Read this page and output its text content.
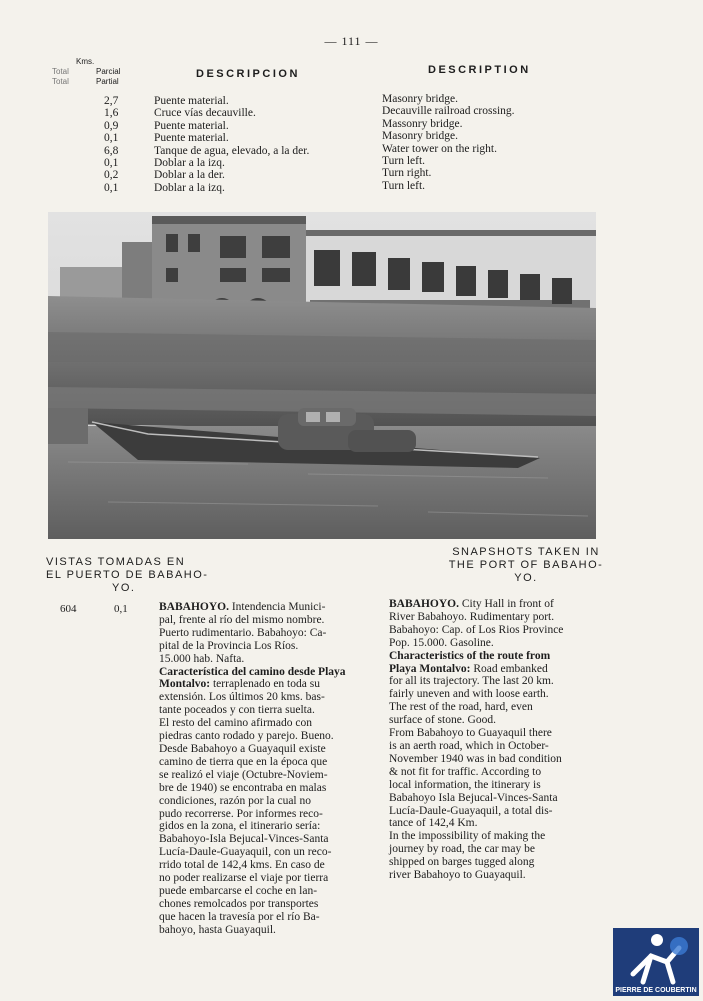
— 111 —
Kms.
Total	Parcial
Total	Partial
DESCRIPCION	DESCRIPTION
2,7	Puente material.	Masonry bridge.
1,6	Cruce vías decauville.	Decauville railroad crossing.
0,9	Puente material.	Massonry bridge.
0,1	Puente material.	Masonry bridge.
6,8	Tanque de agua, elevado, a la der.	Water tower on the right.
0,1	Doblar a la izq.	Turn left.
0,2	Doblar a la der.	Turn right.
0,1	Doblar a la izq.	Turn left.
VISTAS TOMADAS EN
EL PUERTO DE BABAHO-
YO.
SNAPSHOTS TAKEN IN
THE PORT OF BABAHO-
YO.
604	0,1	BABAHOYO. Intendencia Munici-
pal, frente al río del mismo nombre.
Puerto rudimentario. Babahoyo: Ca-
pital de la Provincia Los Ríos.
15.000 hab. Nafta.
Característica del camino desde Playa
Montalvo: terraplenado en toda su
extensión. Los últimos 20 kms. bas-
tante poceados y con tierra suelta.
El resto del camino afirmado con
piedras canto rodado y parejo. Bueno.
Desde Babahoyo a Guayaquil existe
camino de tierra que en la época que
se realizó el viaje (Octubre-Noviem-
bre de 1940) se encontraba en malas
condiciones, razón por la cual no
pudo recorrerse. Por informes reco-
gidos en la zona, el itinerario sería:
Babahoyo-Isla Bejucal-Vinces-Santa
Lucía-Daule-Guayaquil, con un reco-
rrido total de 142,4 kms. En caso de
no poder realizarse el viaje por tierra
puede embarcarse el coche en lan-
chones remolcados por transportes
que hacen la travesía por el río Ba-
bahoyo, hasta Guayaquil.
BABAHOYO. City Hall in front of
River Babahoyo. Rudimentary port.
Babahoyo: Cap. of Los Rios Province
Pop. 15.000. Gasoline.
Characteristics of the route from
Playa Montalvo: Road embanked
for all its trajectory. The last 20 km.
fairly uneven and with loose earth.
The rest of the road, hard, even
surface of stone. Good.
From Babahoyo to Guayaquil there
is an aerth road, which in October-
November 1940 was in bad condition
& not fit for traffic. According to
local information, the itinerary is
Babahoyo Isla Bejucal-Vinces-Santa
Lucía-Daule-Guayaquil, a total dis-
tance of 142,4 Km.
In the impossibility of making the
journey by road, the car may be
shipped on barges tugged along
river Babahoyo to Guayaquil.
PIERRE DE COUBERTIN
